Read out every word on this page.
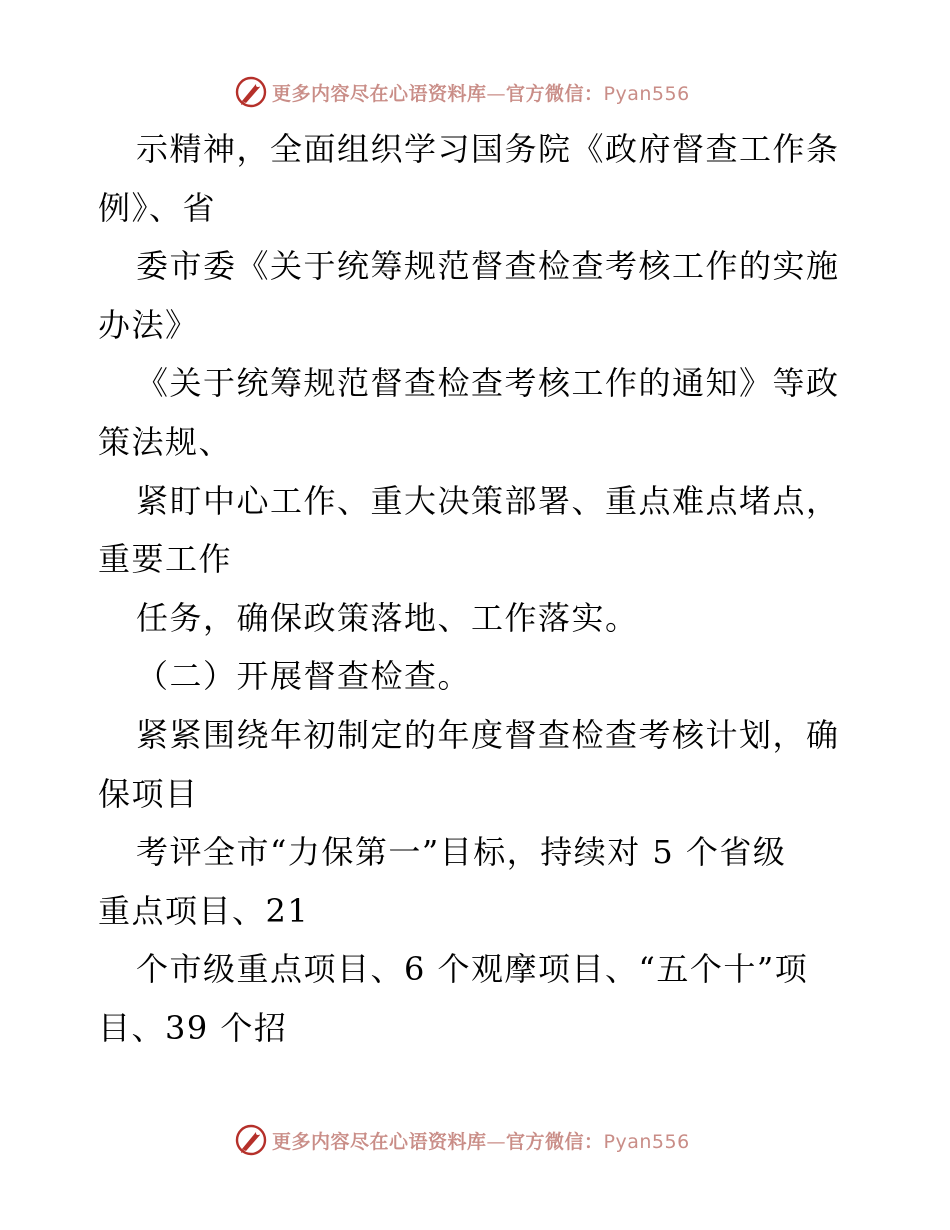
更多内容尽在心语资料库—官方微信：Pyan556
示精神，全面组织学习国务院《政府督查工作条
例》、省
委市委《关于统筹规范督查检查考核工作的实施
办法》
《关于统筹规范督查检查考核工作的通知》等政
策法规、
紧盯中心工作、重大决策部署、重点难点堵点，
重要工作
任务，确保政策落地、工作落实。
（二）开展督查检查。
紧紧围绕年初制定的年度督查检查考核计划，确
保项目
考评全市“力保第一”目标，持续对 5 个省级
重点项目、21
个市级重点项目、6 个观摩项目、“五个十”项
目、39 个招
更多内容尽在心语资料库—官方微信：Pyan556
